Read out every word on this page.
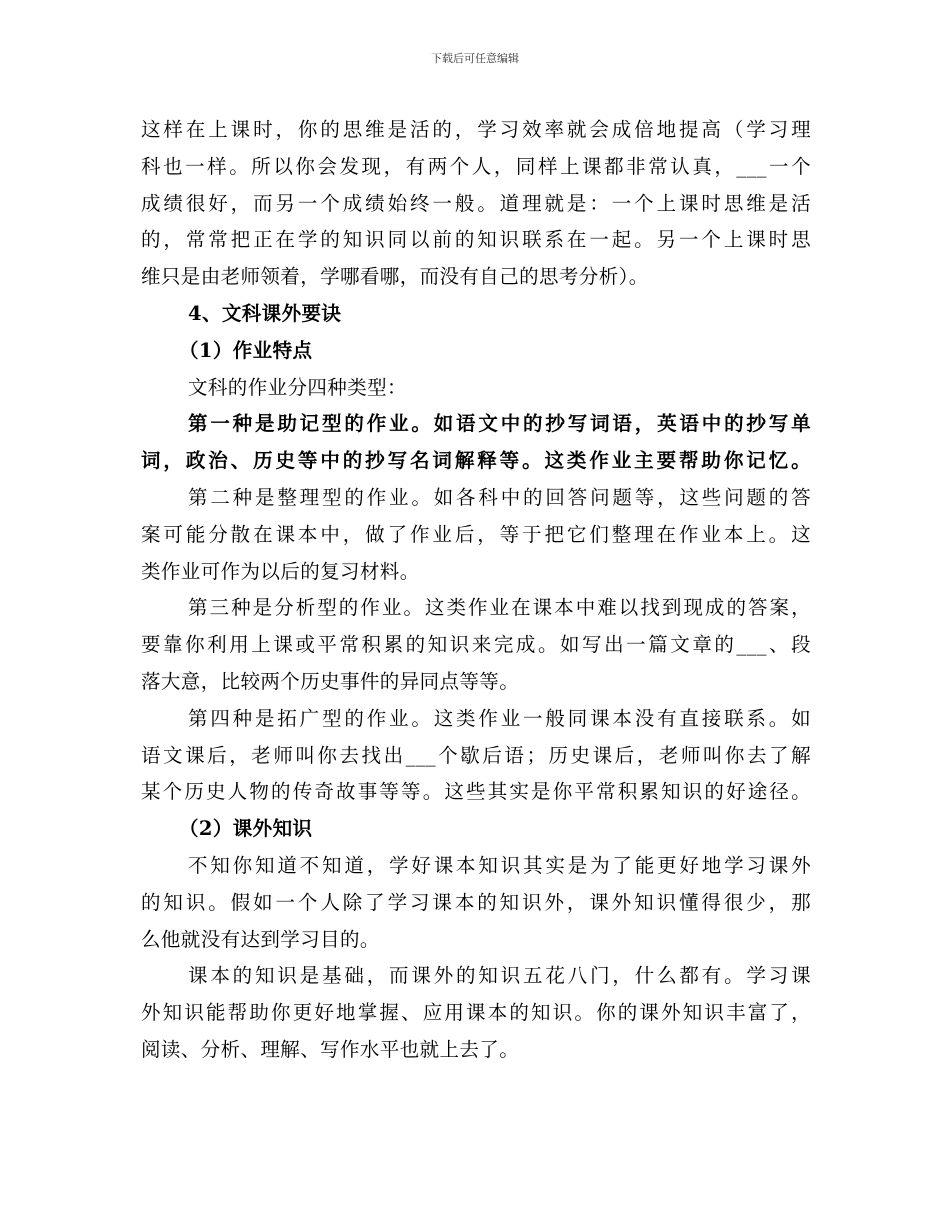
下载后可任意编辑
这样在上课时，你的思维是活的，学习效率就会成倍地提高（学习理
科也一样。所以你会发现，有两个人，同样上课都非常认真，___一个
成绩很好，而另一个成绩始终一般。道理就是：一个上课时思维是活
的，常常把正在学的知识同以前的知识联系在一起。另一个上课时思
维只是由老师领着，学哪看哪，而没有自己的思考分析）。
4、文科课外要诀
（1）作业特点
文科的作业分四种类型：
第一种是助记型的作业。如语文中的抄写词语，英语中的抄写单
词，政治、历史等中的抄写名词解释等。这类作业主要帮助你记忆。
第二种是整理型的作业。如各科中的回答问题等，这些问题的答
案可能分散在课本中，做了作业后，等于把它们整理在作业本上。这
类作业可作为以后的复习材料。
第三种是分析型的作业。这类作业在课本中难以找到现成的答案，
要靠你利用上课或平常积累的知识来完成。如写出一篇文章的___、段
落大意，比较两个历史事件的异同点等等。
第四种是拓广型的作业。这类作业一般同课本没有直接联系。如
语文课后，老师叫你去找出___个歇后语；历史课后，老师叫你去了解
某个历史人物的传奇故事等等。这些其实是你平常积累知识的好途径。
（2）课外知识
不知你知道不知道，学好课本知识其实是为了能更好地学习课外
的知识。假如一个人除了学习课本的知识外，课外知识懂得很少，那
么他就没有达到学习目的。
课本的知识是基础，而课外的知识五花八门，什么都有。学习课
外知识能帮助你更好地掌握、应用课本的知识。你的课外知识丰富了，
阅读、分析、理解、写作水平也就上去了。
